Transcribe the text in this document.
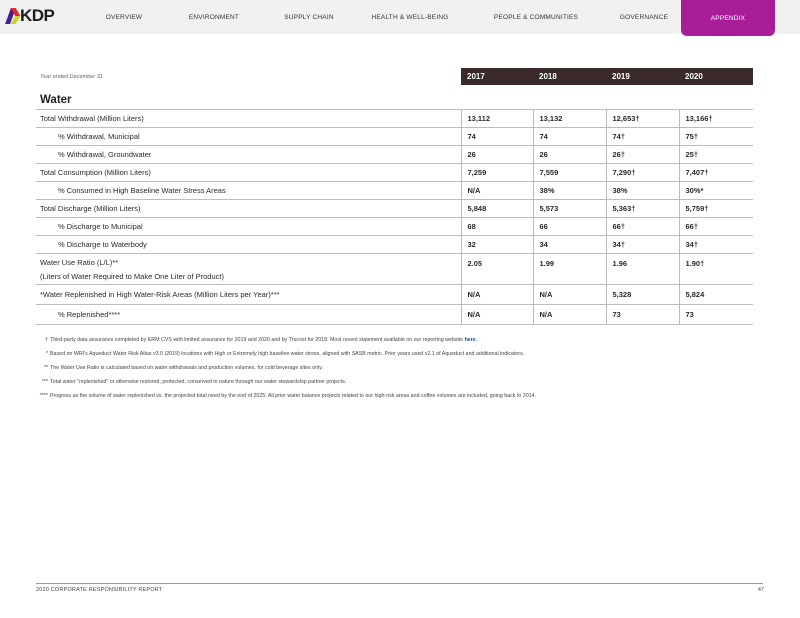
KDP	OVERVIEW	ENVIRONMENT	SUPPLY CHAIN	HEALTH & WELL-BEING	PEOPLE & COMMUNITIES	GOVERNANCE	APPENDIX
Year ended December 31	2017	2018	2019	2020
Water				
Total Withdrawal (Million Liters)	13,112	13,132	12,653†	13,166†
% Withdrawal, Municipal	74	74	74†	75†
% Withdrawal, Groundwater	26	26	26†	25†
Total Consumption (Million Liters)	7,259	7,559	7,290†	7,407†
% Consumed in High Baseline Water Stress Areas	N/A	38%	38%	30%*
Total Discharge (Million Liters)	5,848	5,573	5,363†	5,759†
% Discharge to Municipal	68	66	66†	66†
% Discharge to Waterbody	32	34	34†	34†

Water Use Ratio (L/L)**
(Liters of Water Required to Make One Liter of Product)	2.05	1.99	1.96	1.90†
*Water Replenished in High Water-Risk Areas (Million Liters per Year)***	N/A	N/A	5,328	5,824
% Replenished****	N/A	N/A	73	73
† Third-party data assurance completed by ERM CVS with limited assurance for 2019 and 2020 and by Trucost for 2018. Most recent statement available on our reporting website here.
* Based on WRI's Aqueduct Water Risk Atlas v3.0 (2019) locations with High or Extremely high baseline water stress, aligned with SASB metric. Prior years used v2.1 of Aqueduct and additional indicators.
** The Water Use Ratio is calculated based on water withdrawals and production volumes, for cold beverage sites only.
*** Total water "replenished" or otherwise restored, protected, conserved in nature through our water stewardship partner projects.
**** Progress as the volume of water replenished vs. the projected total need by the end of 2025. All prior water balance projects related to our high-risk areas and coffee volumes are included, going back to 2014.
2020 CORPORATE RESPONSIBILITY REPORT	47
